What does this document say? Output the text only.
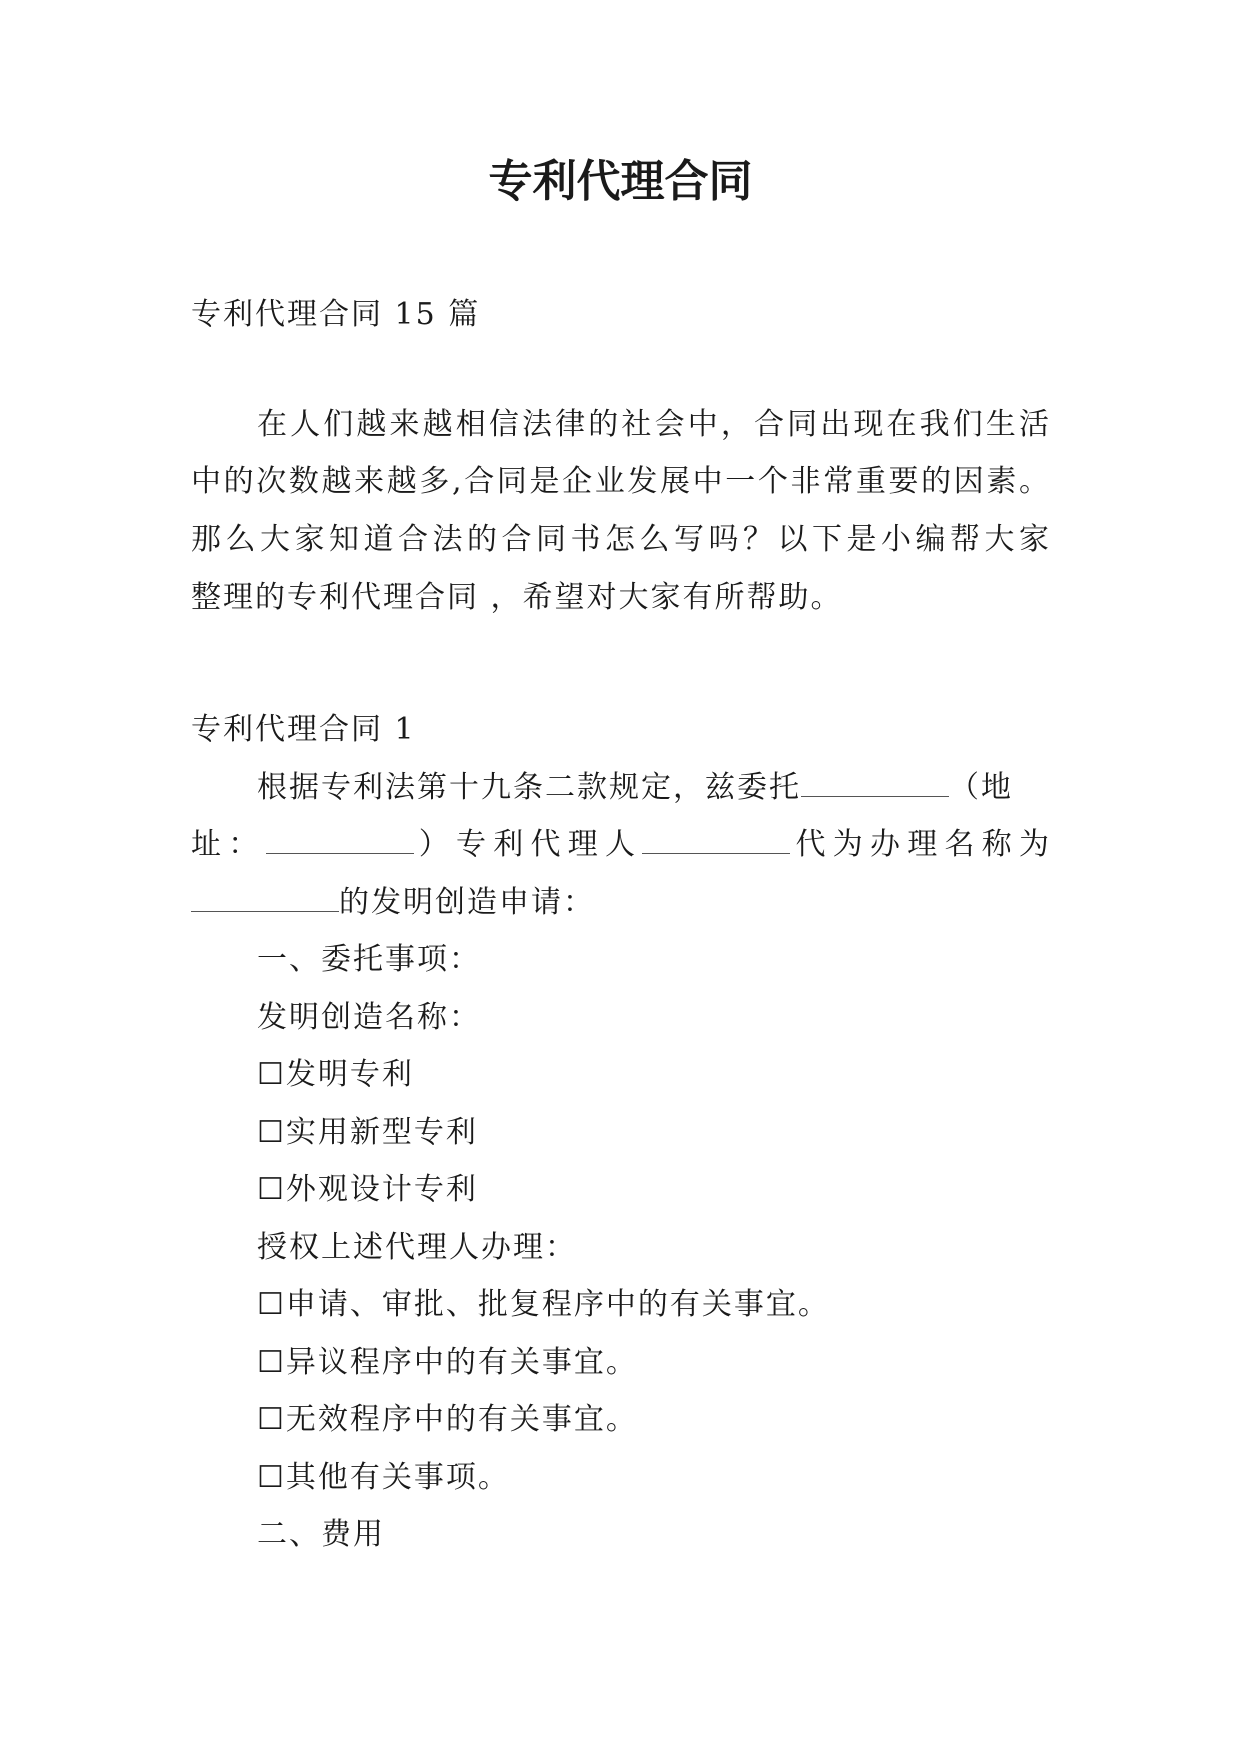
专利代理合同
专利代理合同 15 篇
在人们越来越相信法律的社会中，合同出现在我们生活
中的次数越来越多,合同是企业发展中一个非常重要的因素。
那么大家知道合法的合同书怎么写吗？以下是小编帮大家
整理的专利代理合同 ，希望对大家有所帮助。
专利代理合同 1
根据专利法第十九条二款规定，兹委托	（地
址：	）专利代理人	代为办理名称为
的发明创造申请：
一、委托事项：
发明创造名称：
☐发明专利
☐实用新型专利
☐外观设计专利
授权上述代理人办理：
☐申请、审批、批复程序中的有关事宜。
☐异议程序中的有关事宜。
☐无效程序中的有关事宜。
☐其他有关事项。
二、费用
